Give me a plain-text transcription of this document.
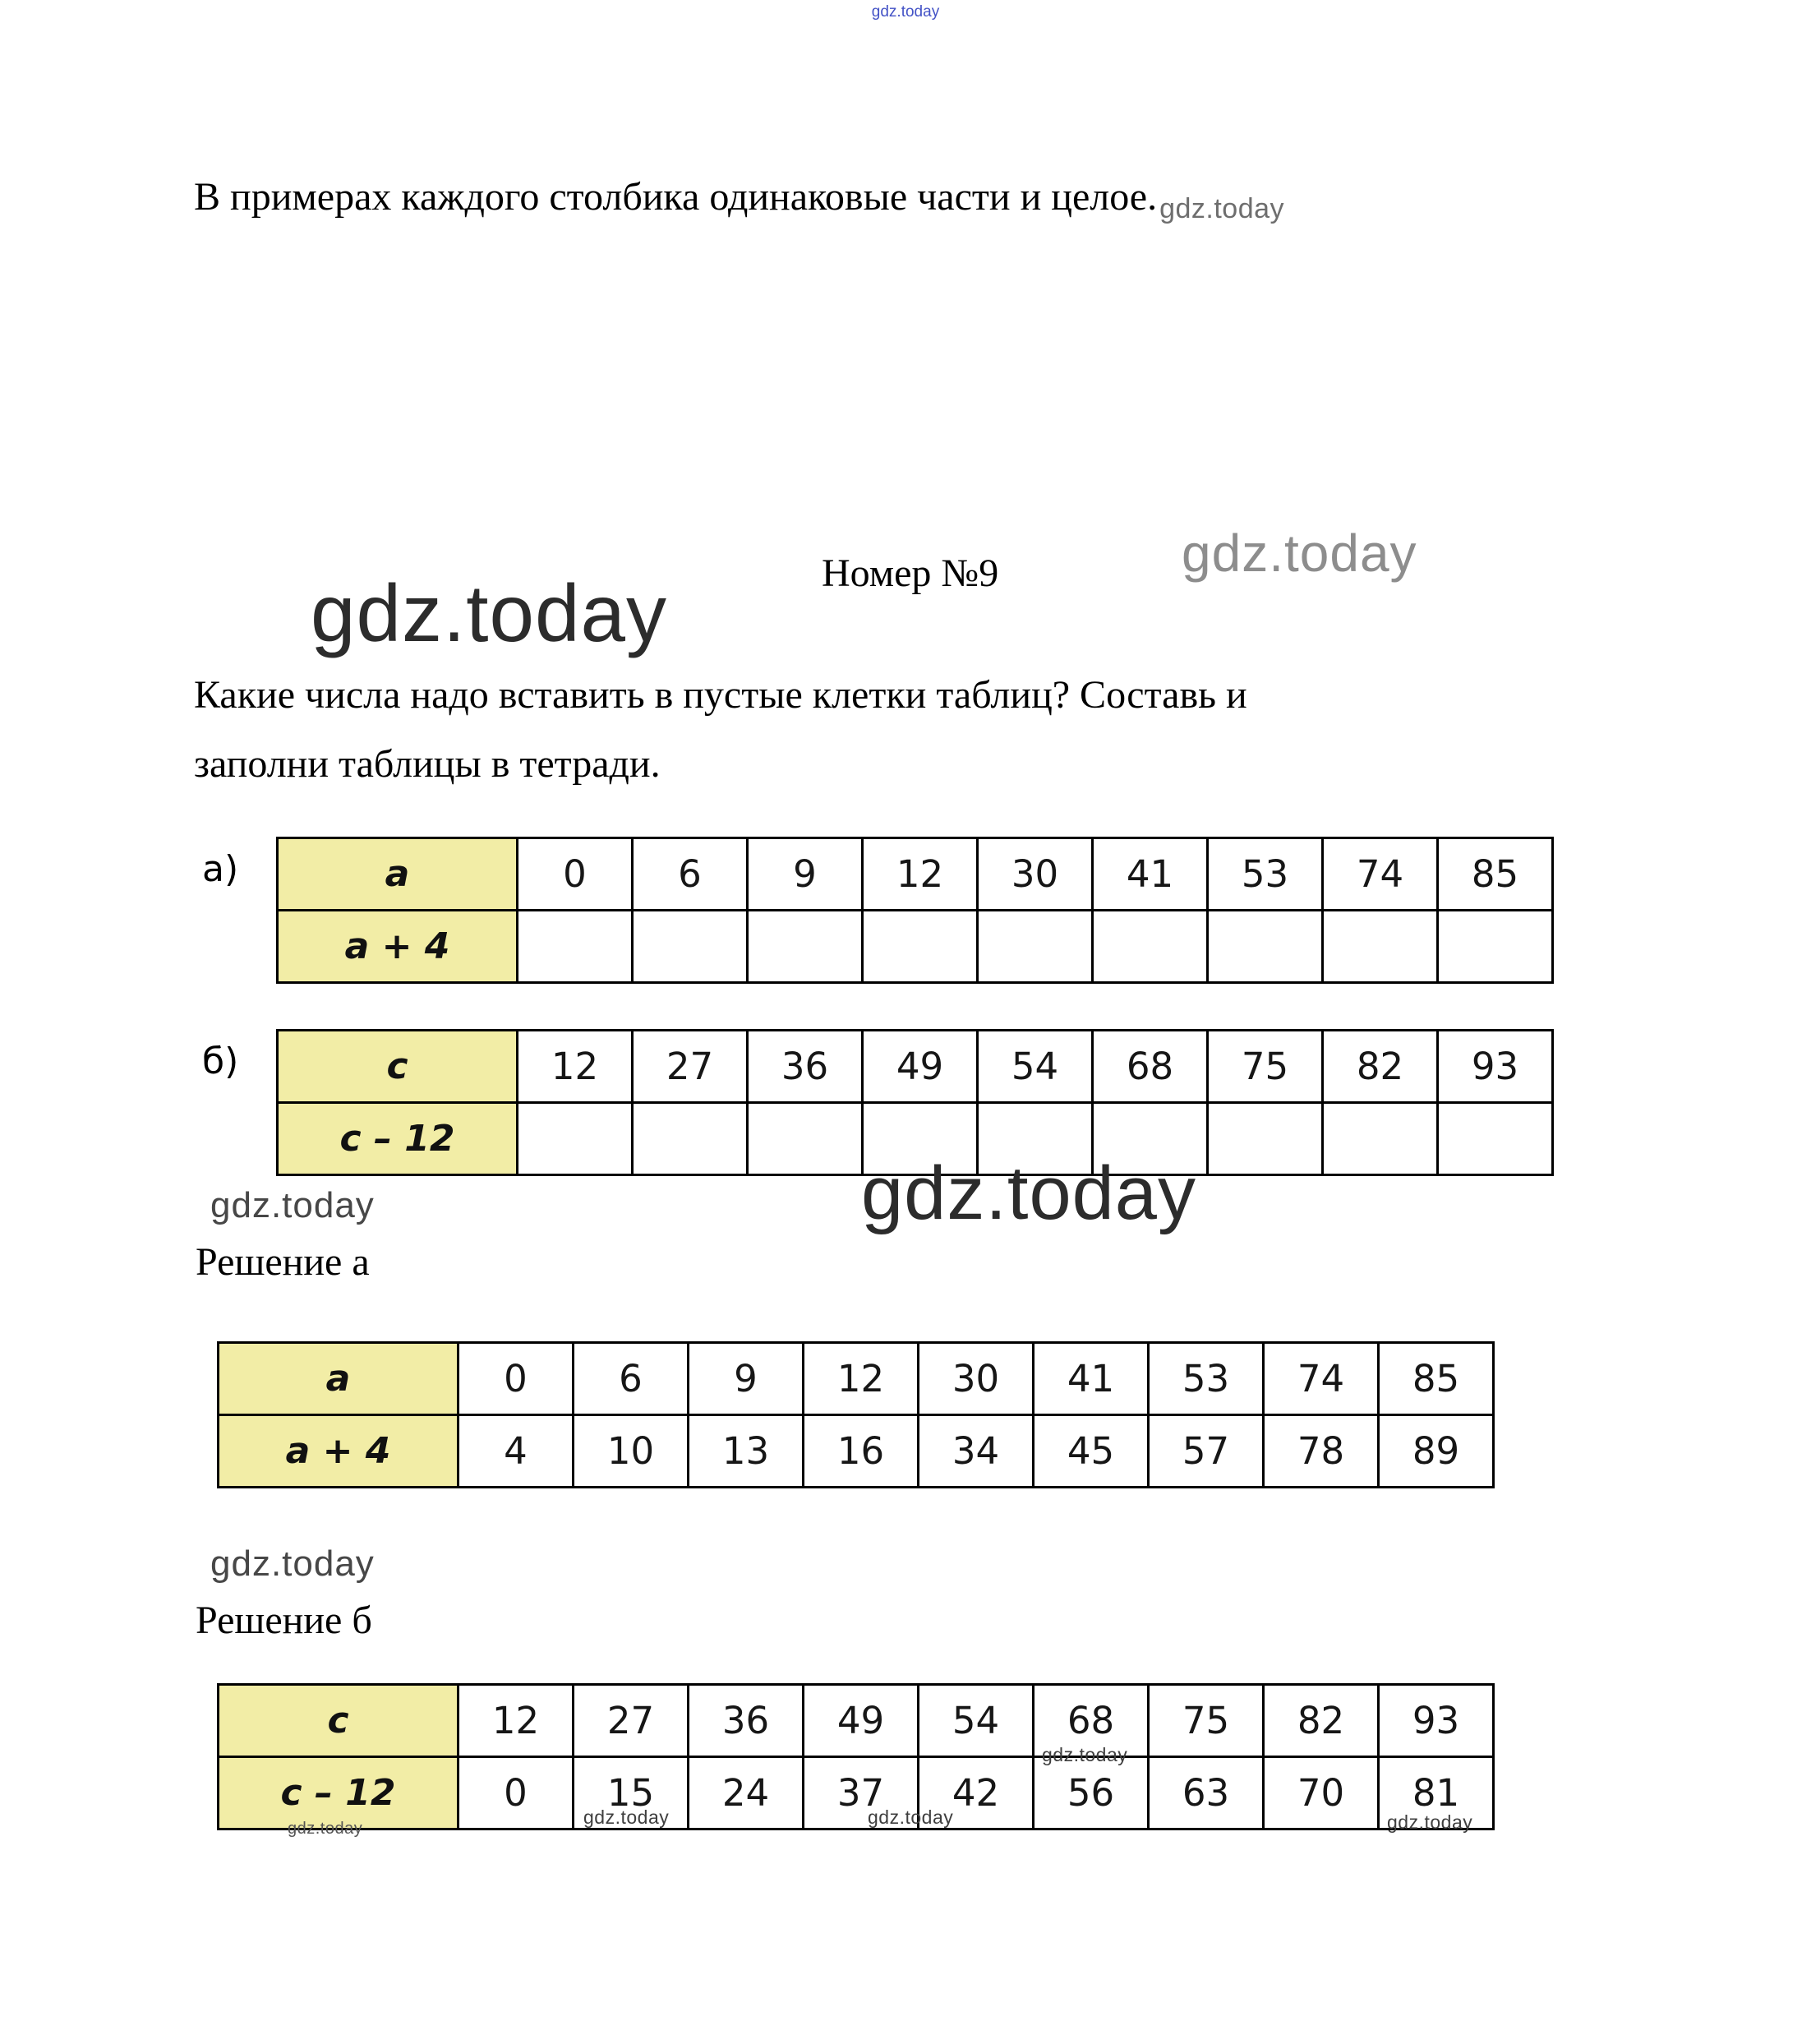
gdz.today
В примерах каждого столбика одинаковые части и $целое._{gdz.today}$
Номер №9	gdz.today
gdz.today
Какие числа надо вставить в пустые клетки таблиц? Составь и
заполни таблицы в тетради.
а)	a	0	6	9	12	30	41	53	74	85
a + 4									
б)	c	12	27	36	49	54	68	75	82	93
c – 12									
gdz.today	gdz.today
Решение а
a	0	6	9	12	30	41	53	74	85
a + 4	4	10	13	16	34	45	57	78	89
gdz.today
Решение б
c	12	27	36	49	54	68	75	82	93
c – 12	0	15	24	37	42	56	63	70	81
gdz.today
gdz.today	gdz.today	gdz.today
gdz.today
